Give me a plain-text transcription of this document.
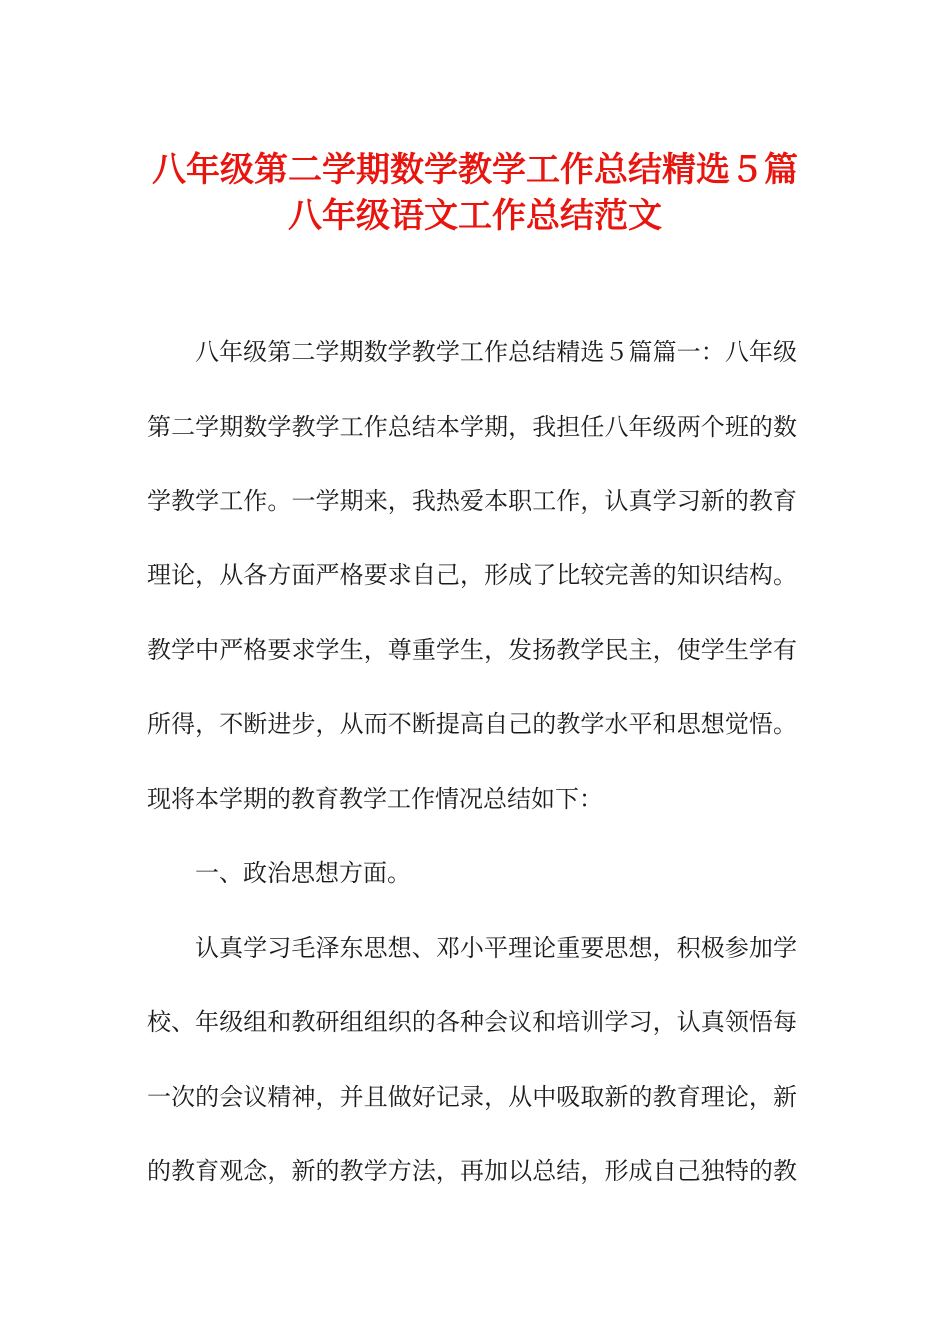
八年级第二学期数学教学工作总结精选５篇
八年级语文工作总结范文
八年级第二学期数学教学工作总结精选５篇篇一：八年级
第二学期数学教学工作总结本学期，我担任八年级两个班的数
学教学工作。一学期来，我热爱本职工作，认真学习新的教育
理论，从各方面严格要求自己，形成了比较完善的知识结构。
教学中严格要求学生，尊重学生，发扬教学民主，使学生学有
所得，不断进步，从而不断提高自己的教学水平和思想觉悟。
现将本学期的教育教学工作情况总结如下：
一、政治思想方面。
认真学习毛泽东思想、邓小平理论重要思想，积极参加学
校、年级组和教研组组织的各种会议和培训学习，认真领悟每
一次的会议精神，并且做好记录，从中吸取新的教育理论，新
的教育观念，新的教学方法，再加以总结，形成自己独特的教
